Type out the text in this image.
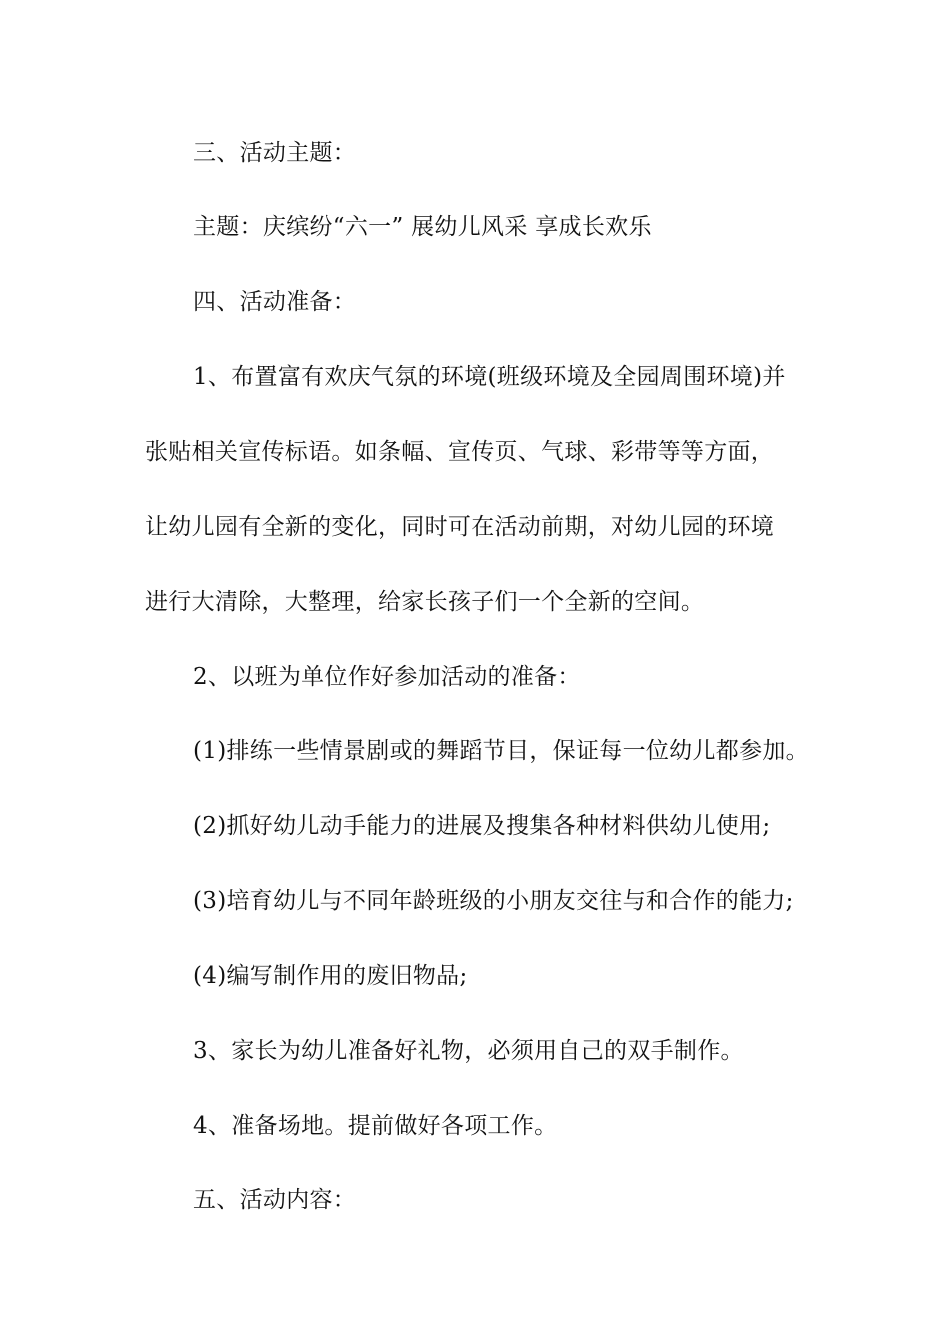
三、活动主题：
主题：庆缤纷“六一” 展幼儿风采 享成长欢乐
四、活动准备：
1、布置富有欢庆气氛的环境(班级环境及全园周围环境)并
张贴相关宣传标语。如条幅、宣传页、气球、彩带等等方面，
让幼儿园有全新的变化，同时可在活动前期，对幼儿园的环境
进行大清除，大整理，给家长孩子们一个全新的空间。
2、以班为单位作好参加活动的准备：
(1)排练一些情景剧或的舞蹈节目，保证每一位幼儿都参加。
(2)抓好幼儿动手能力的进展及搜集各种材料供幼儿使用;
(3)培育幼儿与不同年龄班级的小朋友交往与和合作的能力;
(4)编写制作用的废旧物品;
3、家长为幼儿准备好礼物，必须用自己的双手制作。
4、准备场地。提前做好各项工作。
五、活动内容：
